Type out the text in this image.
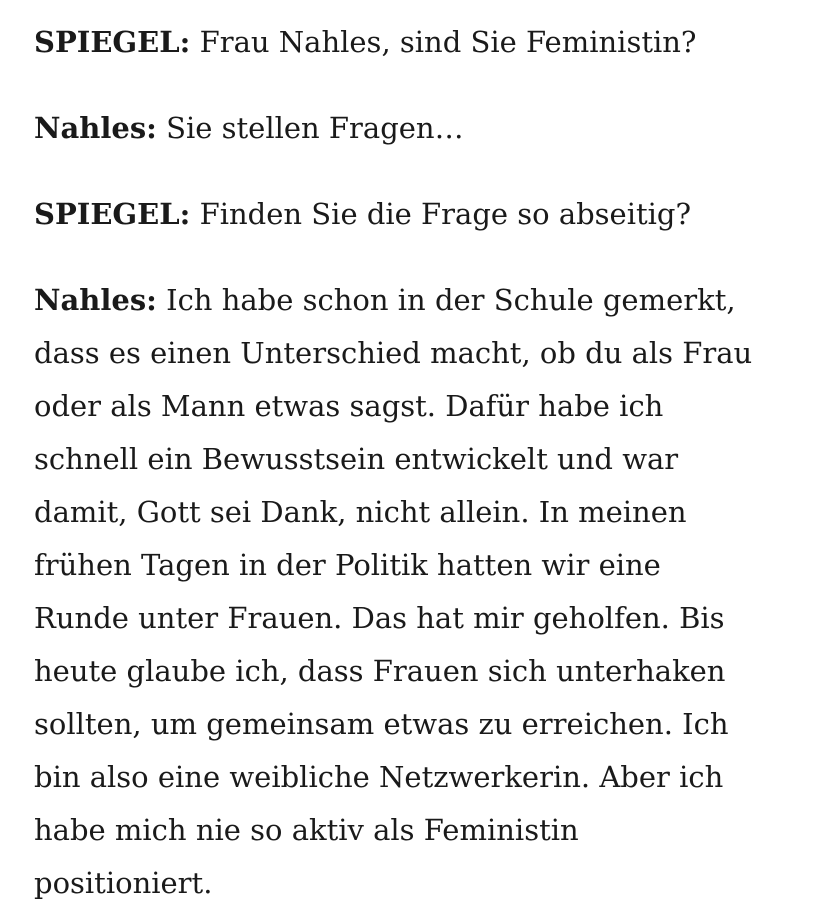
SPIEGEL: Frau Nahles, sind Sie Feministin?

Nahles: Sie stellen Fragen…

SPIEGEL: Finden Sie die Frage so abseitig?

Nahles: Ich habe schon in der Schule gemerkt,
dass es einen Unterschied macht, ob du als Frau
oder als Mann etwas sagst. Dafür habe ich
schnell ein Bewusstsein entwickelt und war
damit, Gott sei Dank, nicht allein. In meinen
frühen Tagen in der Politik hatten wir eine
Runde unter Frauen. Das hat mir geholfen. Bis
heute glaube ich, dass Frauen sich unterhaken
sollten, um gemeinsam etwas zu erreichen. Ich
bin also eine weibliche Netzwerkerin. Aber ich
habe mich nie so aktiv als Feministin
positioniert.
